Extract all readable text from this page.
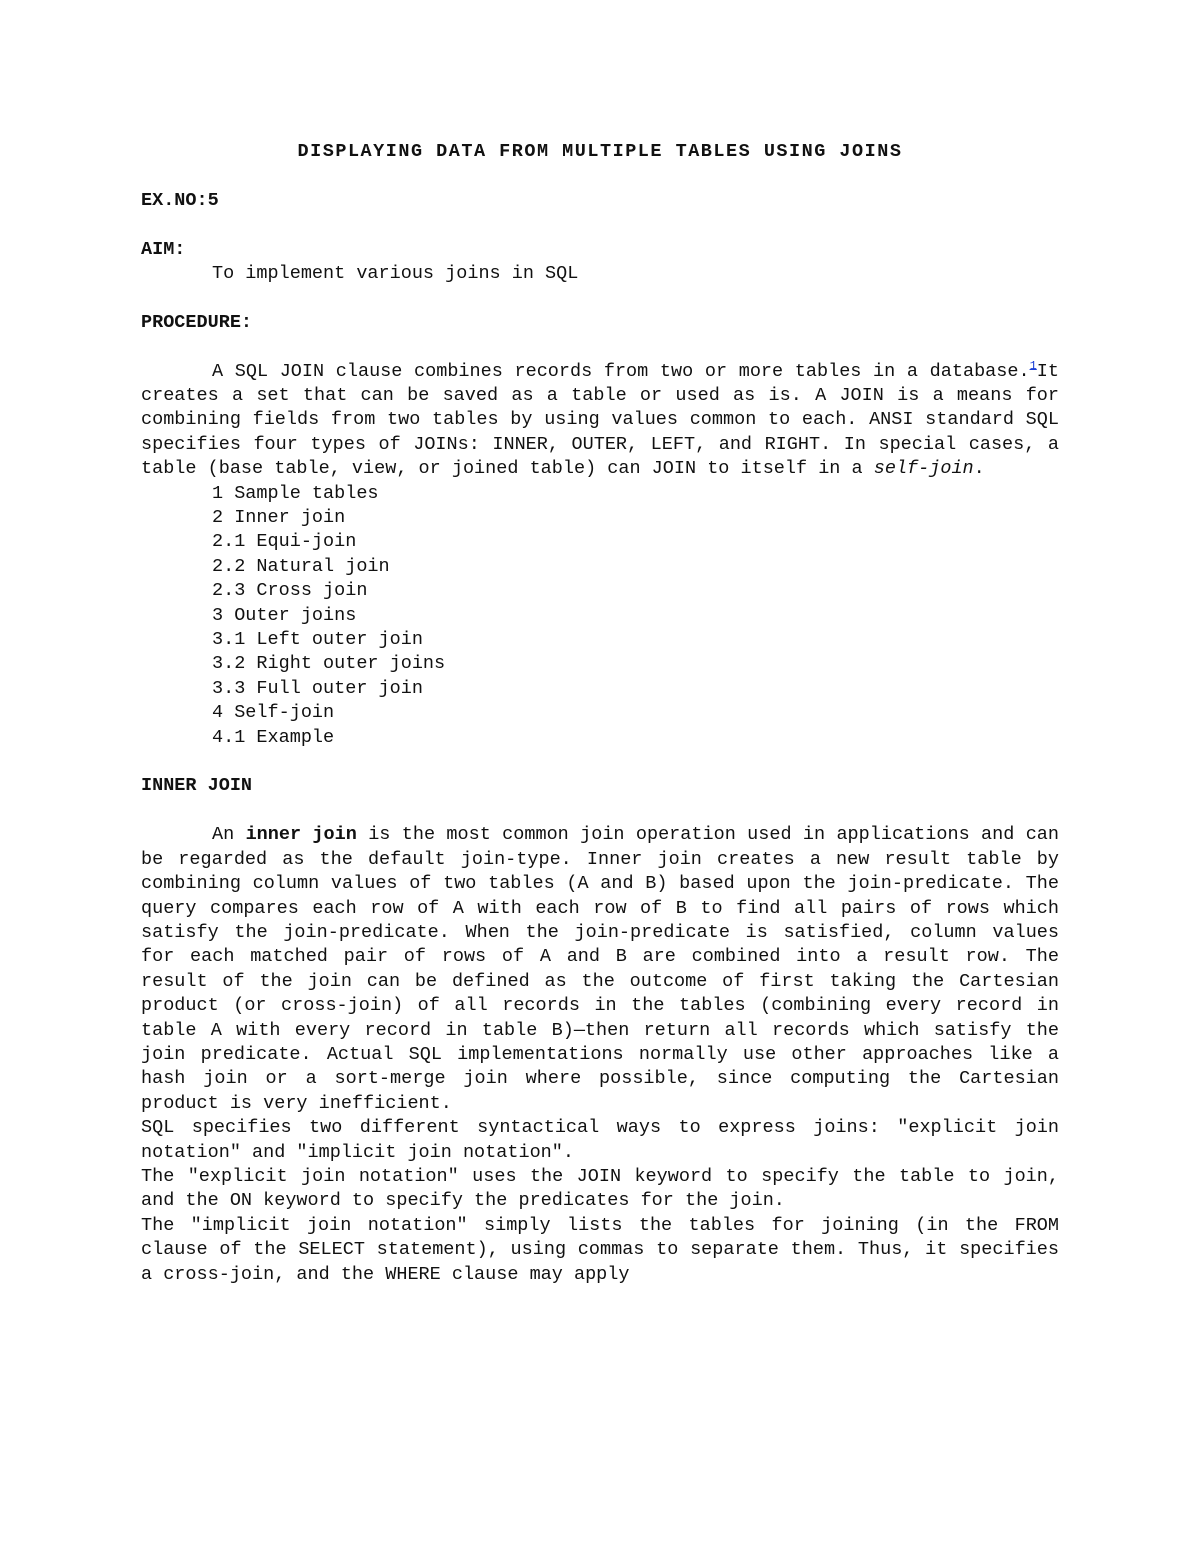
DISPLAYING DATA FROM MULTIPLE TABLES USING JOINS

EX.NO:5

AIM:

To implement various joins in SQL

PROCEDURE:

A SQL JOIN clause combines records from two or more tables in a database.$^1$It creates a set that can be saved as a table or used as is. A JOIN is a means for combining fields from two tables by using values common to each. ANSI standard SQL specifies four types of JOINs: INNER, OUTER, LEFT, and RIGHT. In special cases, a table (base table, view, or joined table) can JOIN to itself in a self-join.

1 Sample tables
2 Inner join
2.1 Equi-join
2.2 Natural join
2.3 Cross join
3 Outer joins
3.1 Left outer join
3.2 Right outer joins
3.3 Full outer join
4 Self-join
4.1 Example

INNER JOIN

An inner join is the most common join operation used in applications and can be regarded as the default join-type. Inner join creates a new result table by combining column values of two tables (A and B) based upon the join-predicate. The query compares each row of A with each row of B to find all pairs of rows which satisfy the join-predicate. When the join-predicate is satisfied, column values for each matched pair of rows of A and B are combined into a result row. The result of the join can be defined as the outcome of first taking the Cartesian product (or cross-join) of all records in the tables (combining every record in table A with every record in table B)—then return all records which satisfy the join predicate. Actual SQL implementations normally use other approaches like a hash join or a sort-merge join where possible, since computing the Cartesian product is very inefficient.

SQL specifies two different syntactical ways to express joins: "explicit join notation" and "implicit join notation".

The "explicit join notation" uses the JOIN keyword to specify the table to join, and the ON keyword to specify the predicates for the join.

The "implicit join notation" simply lists the tables for joining (in the FROM clause of the SELECT statement), using commas to separate them. Thus, it specifies a cross-join, and the WHERE clause may apply
